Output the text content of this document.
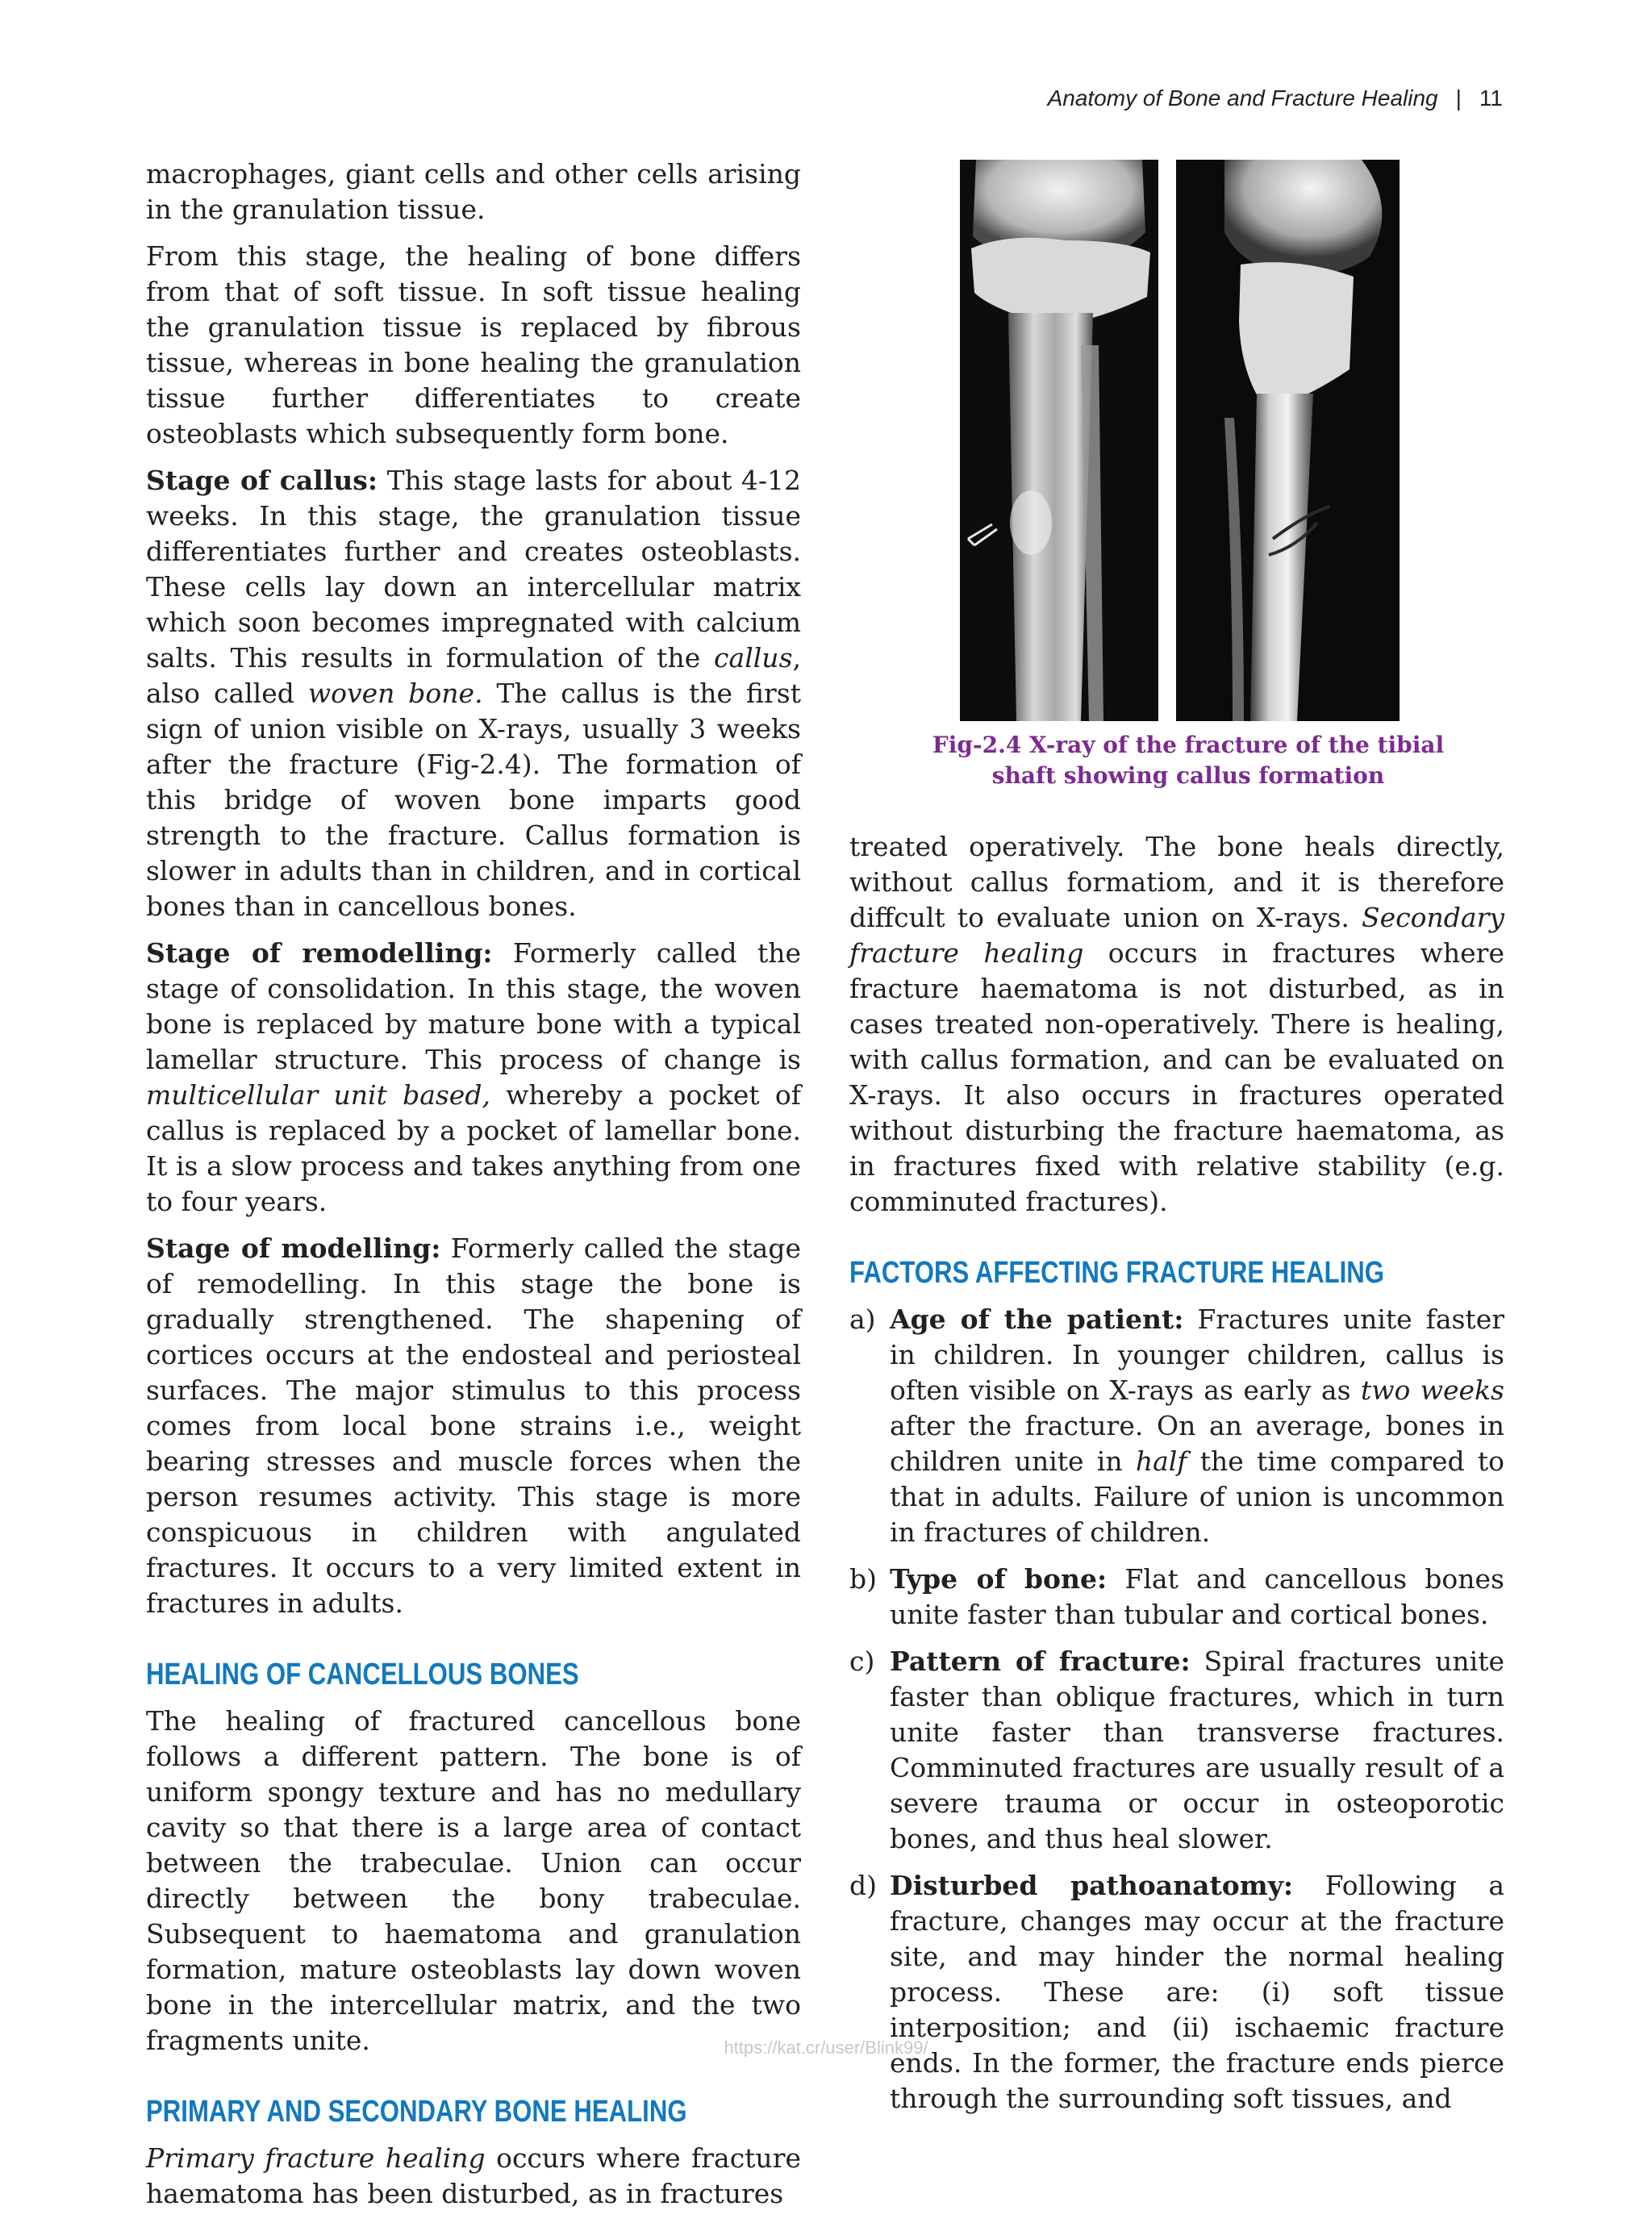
Anatomy of Bone and Fracture Healing | 11

macrophages, giant cells and other cells arising in the granulation tissue.

From this stage, the healing of bone differs from that of soft tissue. In soft tissue healing the granulation tissue is replaced by fibrous tissue, whereas in bone healing the granulation tissue further differentiates to create osteoblasts which subsequently form bone.

Stage of callus: This stage lasts for about 4-12 weeks. In this stage, the granulation tissue differentiates further and creates osteoblasts. These cells lay down an intercellular matrix which soon becomes impregnated with calcium salts. This results in formulation of the callus, also called woven bone. The callus is the first sign of union visible on X-rays, usually 3 weeks after the fracture (Fig-2.4). The formation of this bridge of woven bone imparts good strength to the fracture. Callus formation is slower in adults than in children, and in cortical bones than in cancellous bones.

Stage of remodelling: Formerly called the stage of consolidation. In this stage, the woven bone is replaced by mature bone with a typical lamellar structure. This process of change is multicellular unit based, whereby a pocket of callus is replaced by a pocket of lamellar bone. It is a slow process and takes anything from one to four years.

Stage of modelling: Formerly called the stage of remodelling. In this stage the bone is gradually strengthened. The shapening of cortices occurs at the endosteal and periosteal surfaces. The major stimulus to this process comes from local bone strains i.e., weight bearing stresses and muscle forces when the person resumes activity. This stage is more conspicuous in children with angulated fractures. It occurs to a very limited extent in fractures in adults.

HEALING OF CANCELLOUS BONES

The healing of fractured cancellous bone follows a different pattern. The bone is of uniform spongy texture and has no medullary cavity so that there is a large area of contact between the trabeculae. Union can occur directly between the bony trabeculae. Subsequent to haematoma and granulation formation, mature osteoblasts lay down woven bone in the intercellular matrix, and the two fragments unite.

PRIMARY AND SECONDARY BONE HEALING

Primary fracture healing occurs where fracture haematoma has been disturbed, as in fractures

Fig-2.4 X-ray of the fracture of the tibial
shaft showing callus formation

treated operatively. The bone heals directly, without callus formatiom, and it is therefore diffcult to evaluate union on X-rays. Secondary fracture healing occurs in fractures where fracture haematoma is not disturbed, as in cases treated non-operatively. There is healing, with callus formation, and can be evaluated on X-rays. It also occurs in fractures operated without disturbing the fracture haematoma, as in fractures fixed with relative stability (e.g. comminuted fractures).

FACTORS AFFECTING FRACTURE HEALING
a) Age of the patient: Fractures unite faster in children. In younger children, callus is often visible on X-rays as early as two weeks after the fracture. On an average, bones in children unite in half the time compared to that in adults. Failure of union is uncommon in fractures of children.
b) Type of bone: Flat and cancellous bones unite faster than tubular and cortical bones.
c) Pattern of fracture: Spiral fractures unite faster than oblique fractures, which in turn unite faster than transverse fractures. Comminuted fractures are usually result of a severe trauma or occur in osteoporotic bones, and thus heal slower.
d) Disturbed pathoanatomy: Following a fracture, changes may occur at the fracture site, and may hinder the normal healing process. These are: (i) soft tissue interposition; and (ii) ischaemic fracture ends. In the former, the fracture ends pierce through the surrounding soft tissues, and
https://kat.cr/user/Blink99/
